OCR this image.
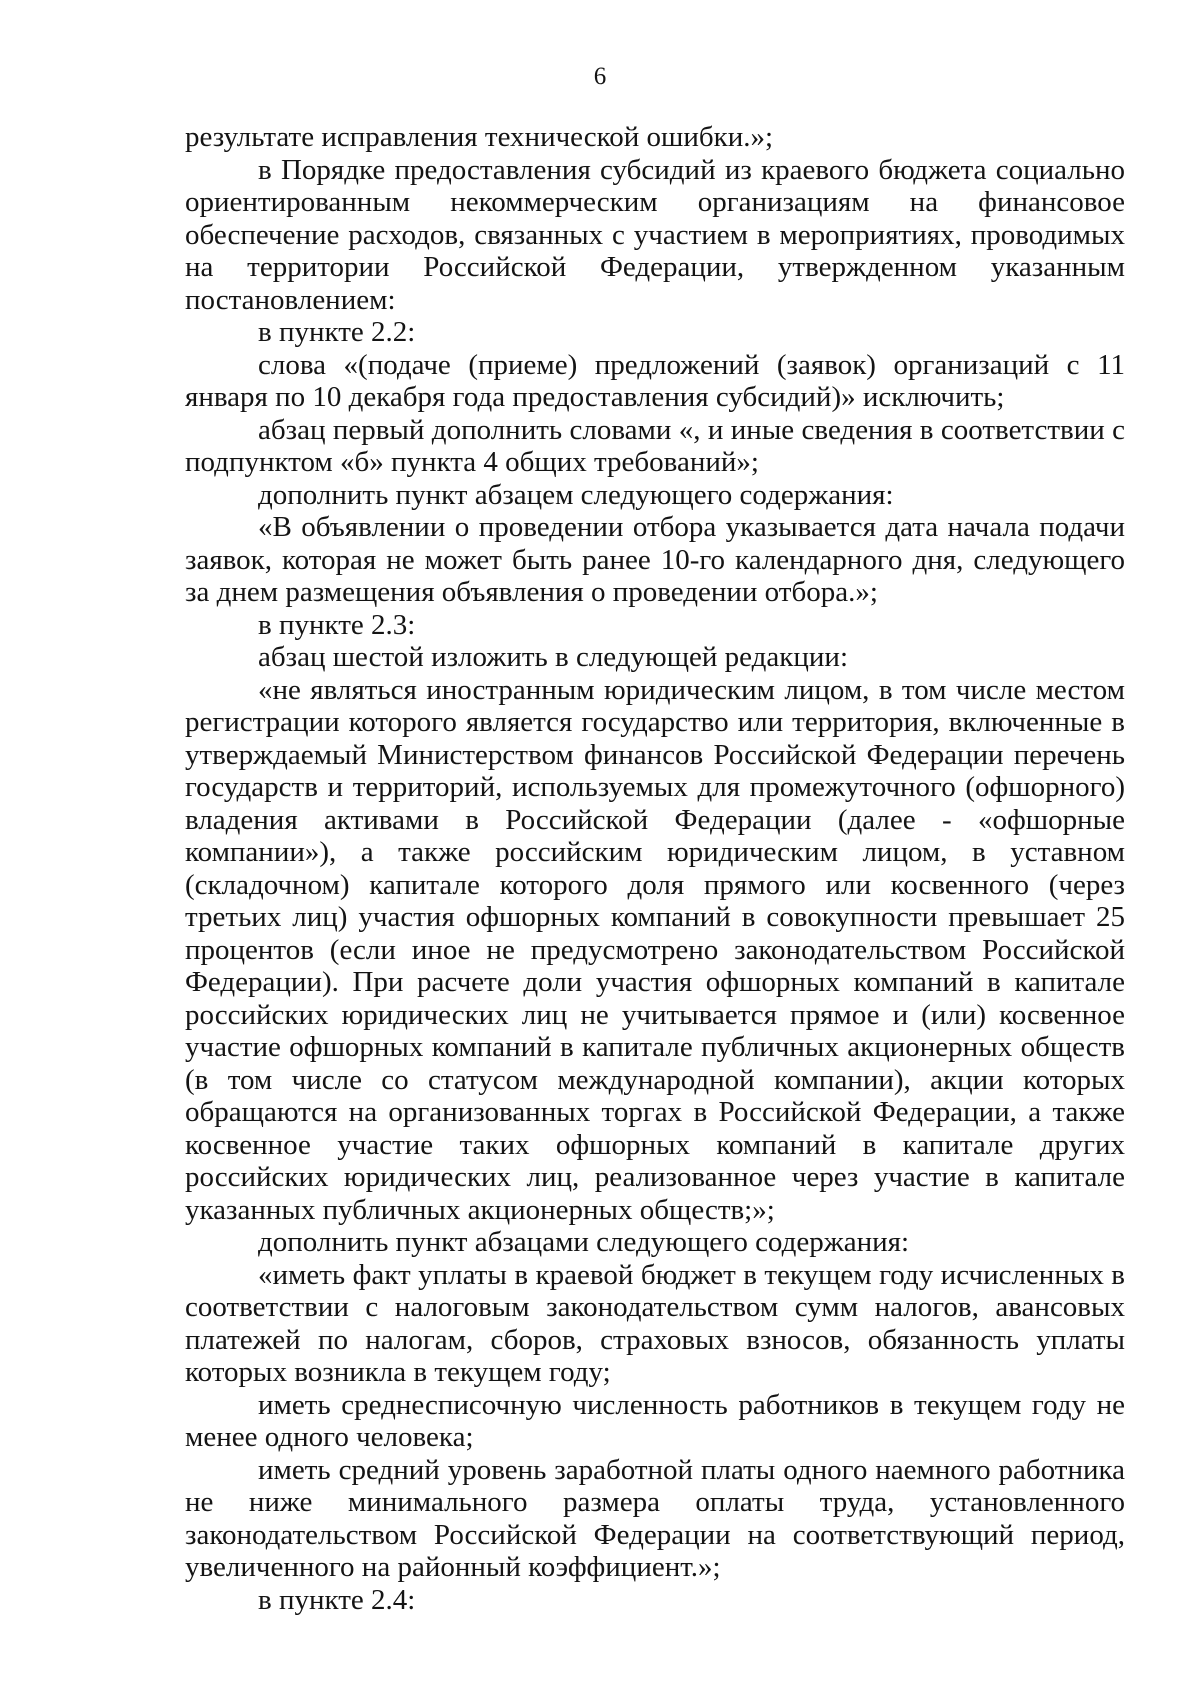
6

результате исправления технической ошибки.»;

в Порядке предоставления субсидий из краевого бюджета социально ориентированным некоммерческим организациям на финансовое обеспечение расходов, связанных с участием в мероприятиях, проводимых на территории Российской Федерации, утвержденном указанным постановлением:

в пункте 2.2:

слова «(подаче (приеме) предложений (заявок) организаций с 11 января по 10 декабря года предоставления субсидий)» исключить;

абзац первый дополнить словами «, и иные сведения в соответствии с подпунктом «б» пункта 4 общих требований»;

дополнить пункт абзацем следующего содержания:

«В объявлении о проведении отбора указывается дата начала подачи заявок, которая не может быть ранее 10-го календарного дня, следующего за днем размещения объявления о проведении отбора.»;

в пункте 2.3:

абзац шестой изложить в следующей редакции:

«не являться иностранным юридическим лицом, в том числе местом регистрации которого является государство или территория, включенные в утверждаемый Министерством финансов Российской Федерации перечень государств и территорий, используемых для промежуточного (офшорного) владения активами в Российской Федерации (далее - «офшорные компании»), а также российским юридическим лицом, в уставном (складочном) капитале которого доля прямого или косвенного (через третьих лиц) участия офшорных компаний в совокупности превышает 25 процентов (если иное не предусмотрено законодательством Российской Федерации). При расчете доли участия офшорных компаний в капитале российских юридических лиц не учитывается прямое и (или) косвенное участие офшорных компаний в капитале публичных акционерных обществ (в том числе со статусом международной компании), акции которых обращаются на организованных торгах в Российской Федерации, а также косвенное участие таких офшорных компаний в капитале других российских юридических лиц, реализованное через участие в капитале указанных публичных акционерных обществ;»;

дополнить пункт абзацами следующего содержания:

«иметь факт уплаты в краевой бюджет в текущем году исчисленных в соответствии с налоговым законодательством сумм налогов, авансовых платежей по налогам, сборов, страховых взносов, обязанность уплаты которых возникла в текущем году;

иметь среднесписочную численность работников в текущем году не менее одного человека;

иметь средний уровень заработной платы одного наемного работника не ниже минимального размера оплаты труда, установленного законодательством Российской Федерации на соответствующий период, увеличенного на районный коэффициент.»;

в пункте 2.4:
